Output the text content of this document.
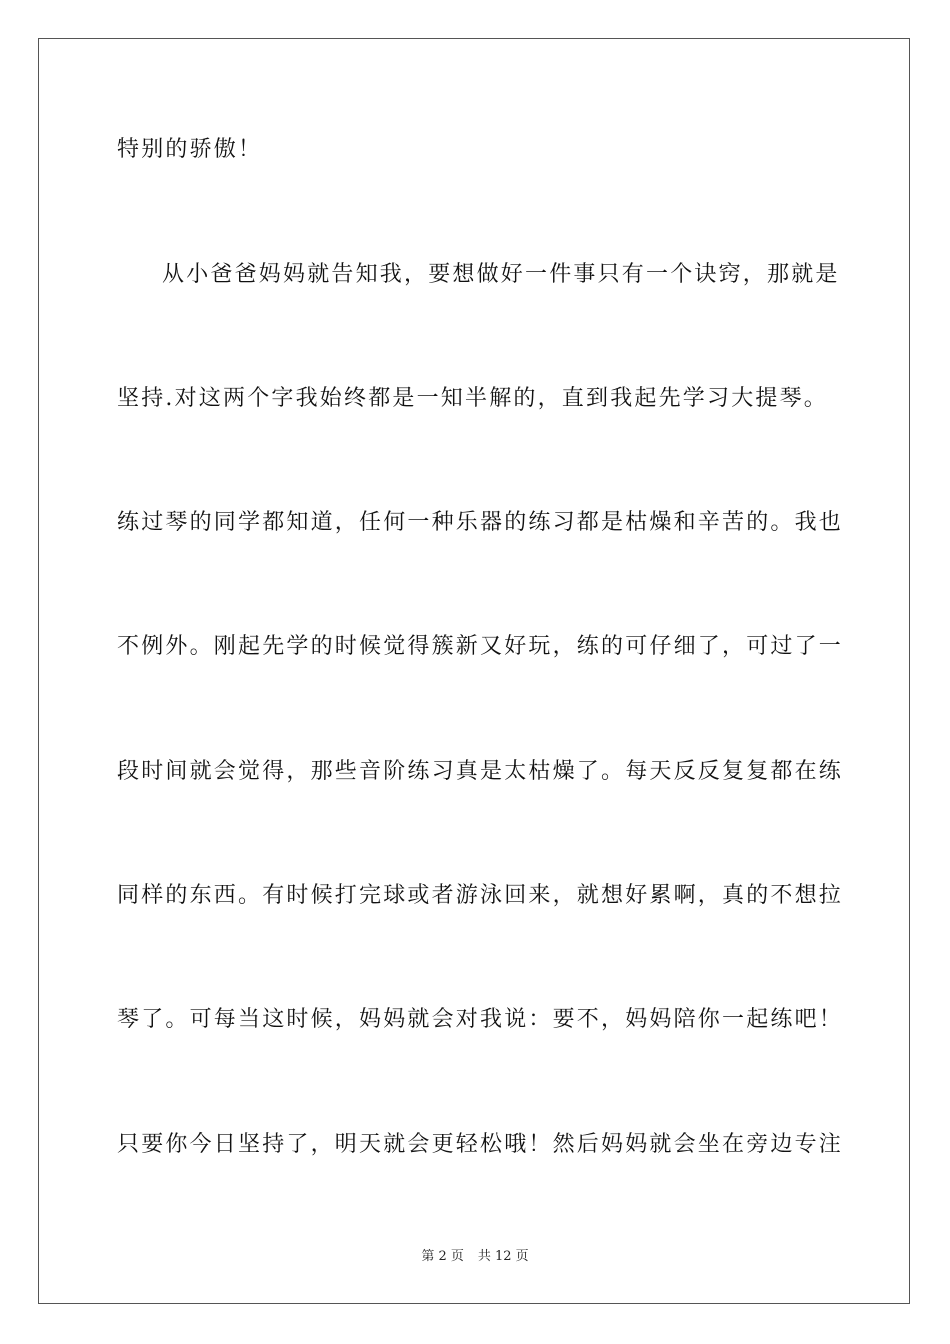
特别的骄傲！
从小爸爸妈妈就告知我，要想做好一件事只有一个诀窍，那就是
坚持.对这两个字我始终都是一知半解的，直到我起先学习大提琴。
练过琴的同学都知道，任何一种乐器的练习都是枯燥和辛苦的。我也
不例外。刚起先学的时候觉得簇新又好玩，练的可仔细了，可过了一
段时间就会觉得，那些音阶练习真是太枯燥了。每天反反复复都在练
同样的东西。有时候打完球或者游泳回来，就想好累啊，真的不想拉
琴了。可每当这时候，妈妈就会对我说：要不，妈妈陪你一起练吧！
只要你今日坚持了，明天就会更轻松哦！然后妈妈就会坐在旁边专注
第 2 页 共 12 页
